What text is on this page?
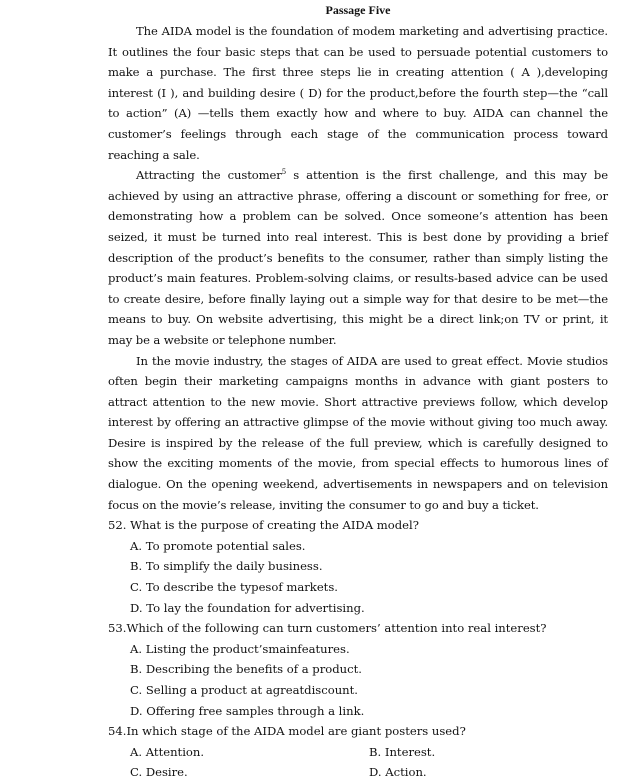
Passage Five

The AIDA model is the foundation of modem marketing and advertising practice. It outlines the four basic steps that can be used to persuade potential customers to make a purchase. The first three steps lie in creating attention ( A ),developing interest (I ), and building desire ( D) for the product,before the fourth step—the “call to action” (A) —tells them exactly how and where to buy. AIDA can channel the customer’s feelings through each stage of the communication process toward reaching a sale.

Attracting the customer$^5$ s attention is the first challenge, and this may be achieved by using an attractive phrase, offering a discount or something for free, or demonstrating how a problem can be solved. Once someone’s attention has been seized, it must be turned into real interest. This is best done by providing a brief description of the product’s benefits to the consumer, rather than simply listing the product’s main features. Problem-solving claims, or results-based advice can be used to create desire, before finally laying out a simple way for that desire to be met—the means to buy. On website advertising, this might be a direct link;on TV or print, it may be a website or telephone number.

In the movie industry, the stages of AIDA are used to great effect. Movie studios often begin their marketing campaigns months in advance with giant posters to attract attention to the new movie. Short attractive previews follow, which develop interest by offering an attractive glimpse of the movie without giving too much away. Desire is inspired by the release of the full preview, which is carefully designed to show the exciting moments of the movie, from special effects to humorous lines of dialogue. On the opening weekend, advertisements in newspapers and on television focus on the movie’s release, inviting the consumer to go and buy a ticket.

52. What is the purpose of creating the AIDA model?
A. To promote potential sales.
B. To simplify the daily business.
C. To describe the typesof markets.
D. To lay the foundation for advertising.
53.Which of the following can turn customers’ attention into real interest?
A. Listing the product’smainfeatures.
B. Describing the benefits of a product.
C. Selling a product at agreatdiscount.
D. Offering free samples through a link.
54.In which stage of the AIDA model are giant posters used?
A. Attention.	B. Interest.
C. Desire.	D. Action.
